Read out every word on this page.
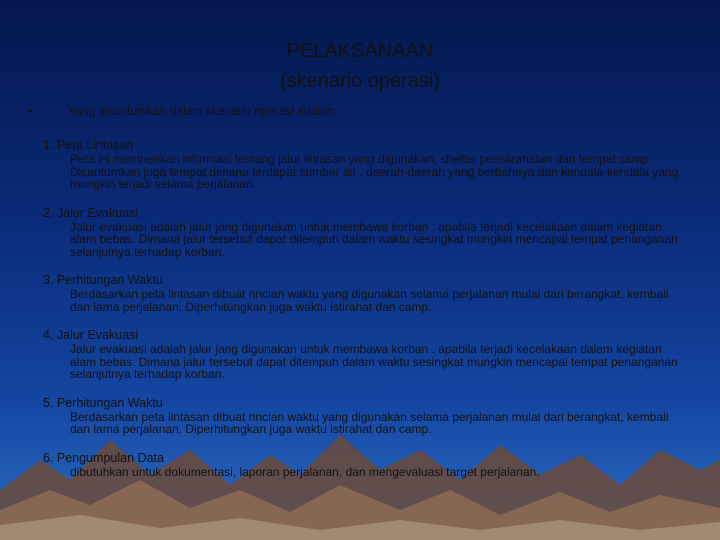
PELAKSANAAN
(skenario operasi)
•	Yang dicantumkan dalam skenario operasi adalah:
1. Peta Lintasan
Peta ini memberikan informasi tentang jalur lintasan yang digunakan, shelter peristirahatan dan tempat camp. Dicantumkan juga tempat dimana terdapat sumber air , daerah-daerah yang berbahaya dan kendala-kendala yang mungkin terjadi selama perjalanan.
2. Jalur Evakuasi
Jalur evakuasi adalah jalur jang digunakan untuk membawa korban . apabila terjadi kecelakaan dalam kegiatan alam bebas. Dimana jalur tersebut dapat ditempuh dalam waktu sesingkat mungkin mencapai tempat penanganan selanjutnya terhadap korban.
3. Perhitungan Waktu
Berdasarkan peta lintasan dibuat rincian waktu yang digunakan selama perjalanan mulai dari berangkat, kembali dan lama perjalanan. Diperhitungkan juga waktu istirahat dan camp.
4. Jalur Evakuasi
Jalur evakuasi adalah jalur jang digunakan untuk membawa korban . apabila terjadi kecelakaan dalam kegiatan alam bebas. Dimana jalur tersebut dapat ditempuh dalam waktu sesingkat mungkin mencapai tempat penanganan selanjutnya terhadap korban.
5. Perhitungan Waktu
Berdasarkan peta lintasan dibuat rincian waktu yang digunakan selama perjalanan mulai dari berangkat, kembali dan lama perjalanan. Diperhitungkan juga waktu istirahat dan camp.
6. Pengumpulan Data
dibutuhkan untuk dokumentasi, laporan perjalanan, dan mengevaluasi target perjalanan.
